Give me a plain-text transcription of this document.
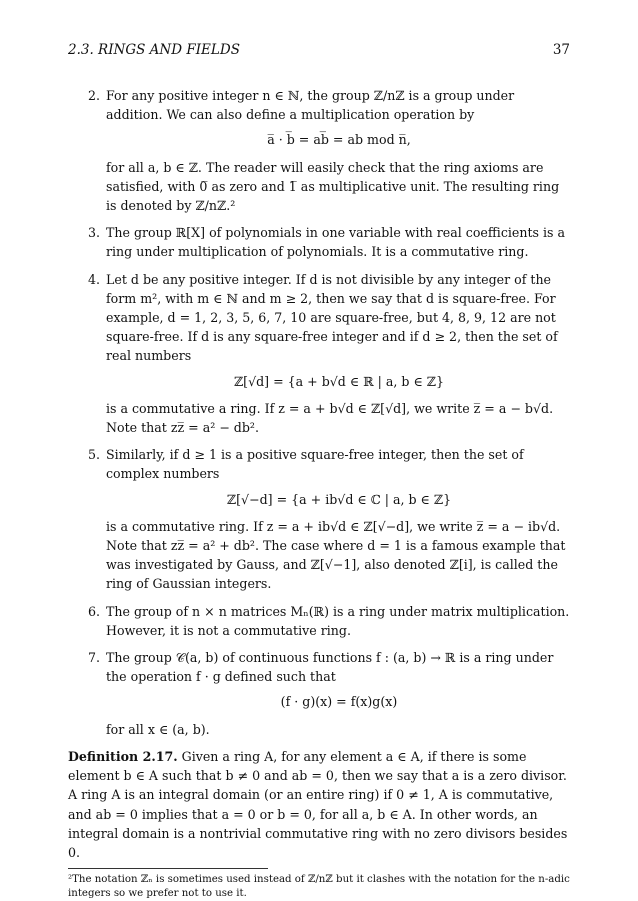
2.3. RINGS AND FIELDS	37
2. For any positive integer n ∈ ℕ, the group ℤ/nℤ is a group under addition. We can also define a multiplication operation by

a̅ · b̅ = ab̅ = ab mod n̅,

for all a, b ∈ ℤ. The reader will easily check that the ring axioms are satisfied, with 0̅ as zero and 1̅ as multiplicative unit. The resulting ring is denoted by ℤ/nℤ.²

3. The group ℝ[X] of polynomials in one variable with real coefficients is a ring under multiplication of polynomials. It is a commutative ring.

4. Let d be any positive integer. If d is not divisible by any integer of the form m², with m ∈ ℕ and m ≥ 2, then we say that d is square-free. For example, d = 1, 2, 3, 5, 6, 7, 10 are square-free, but 4, 8, 9, 12 are not square-free. If d is any square-free integer and if d ≥ 2, then the set of real numbers

ℤ[√d] = {a + b√d ∈ ℝ | a, b ∈ ℤ}

is a commutative a ring. If z = a + b√d ∈ ℤ[√d], we write z̅ = a − b√d. Note that zz̅ = a² − db².

5. Similarly, if d ≥ 1 is a positive square-free integer, then the set of complex numbers

ℤ[√−d] = {a + ib√d ∈ ℂ | a, b ∈ ℤ}

is a commutative ring. If z = a + ib√d ∈ ℤ[√−d], we write z̅ = a − ib√d. Note that zz̅ = a² + db². The case where d = 1 is a famous example that was investigated by Gauss, and ℤ[√−1], also denoted ℤ[i], is called the ring of Gaussian integers.

6. The group of n × n matrices Mₙ(ℝ) is a ring under matrix multiplication. However, it is not a commutative ring.

7. The group 𝒞(a, b) of continuous functions f : (a, b) → ℝ is a ring under the operation f · g defined such that

(f · g)(x) = f(x)g(x)

for all x ∈ (a, b).

Definition 2.17. Given a ring A, for any element a ∈ A, if there is some element b ∈ A such that b ≠ 0 and ab = 0, then we say that a is a zero divisor. A ring A is an integral domain (or an entire ring) if 0 ≠ 1, A is commutative, and ab = 0 implies that a = 0 or b = 0, for all a, b ∈ A. In other words, an integral domain is a nontrivial commutative ring with no zero divisors besides 0.

²The notation ℤₙ is sometimes used instead of ℤ/nℤ but it clashes with the notation for the n-adic integers so we prefer not to use it.
